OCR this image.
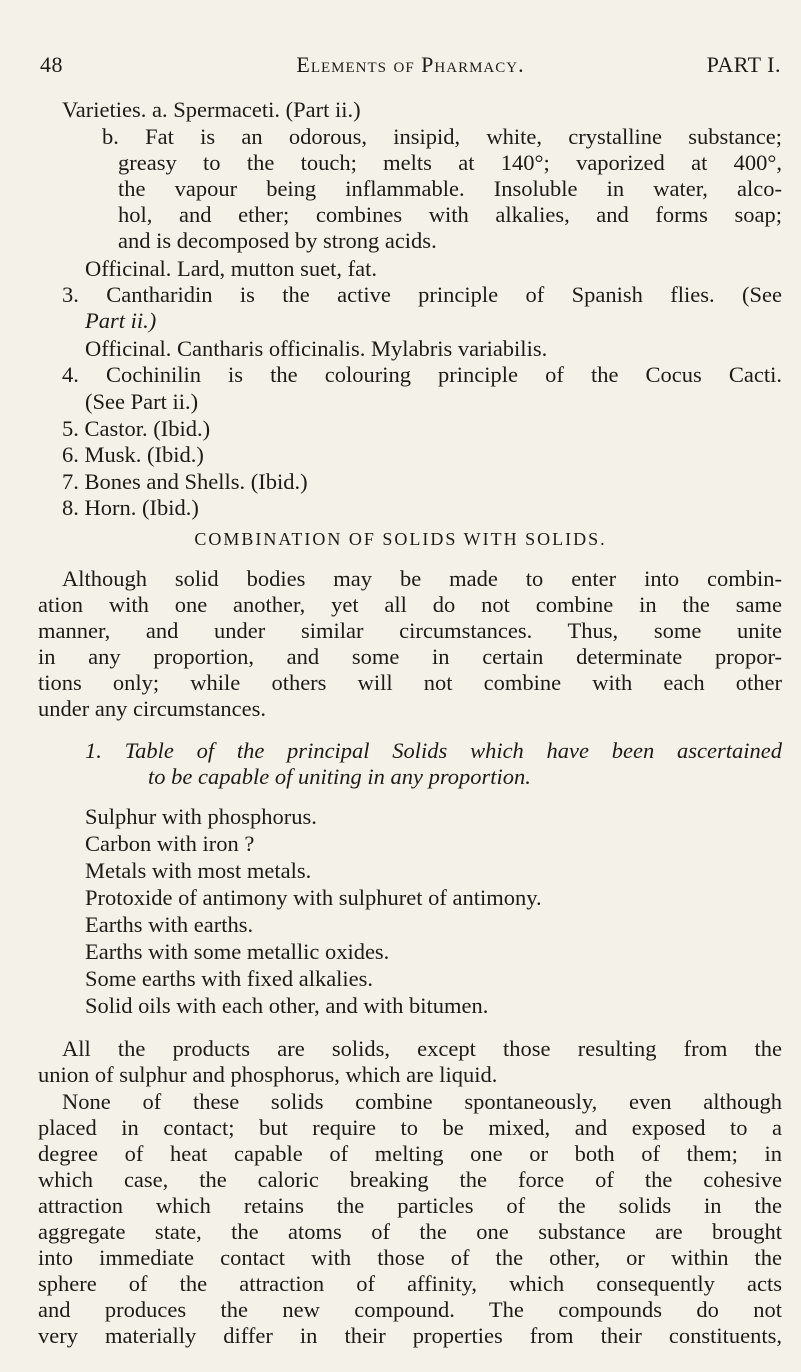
48	Elements of Pharmacy.	PART I.
Varieties. a. Spermaceti. (Part ii.)
b. Fat is an odorous, insipid, white, crystalline substance;
greasy to the touch; melts at 140°; vaporized at 400°,
the vapour being inflammable. Insoluble in water, alco-
hol, and ether; combines with alkalies, and forms soap;
and is decomposed by strong acids.
Officinal. Lard, mutton suet, fat.
3. Cantharidin is the active principle of Spanish flies. (See
Part ii.)
Officinal. Cantharis officinalis. Mylabris variabilis.
4. Cochinilin is the colouring principle of the Cocus Cacti.
(See Part ii.)
5. Castor. (Ibid.)
6. Musk. (Ibid.)
7. Bones and Shells. (Ibid.)
8. Horn. (Ibid.)
COMBINATION OF SOLIDS WITH SOLIDS.
Although solid bodies may be made to enter into combin-
ation with one another, yet all do not combine in the same
manner, and under similar circumstances. Thus, some unite
in any proportion, and some in certain determinate propor-
tions only; while others will not combine with each other
under any circumstances.
1. Table of the principal Solids which have been ascertained
to be capable of uniting in any proportion.
Sulphur with phosphorus.
Carbon with iron ?
Metals with most metals.
Protoxide of antimony with sulphuret of antimony.
Earths with earths.
Earths with some metallic oxides.
Some earths with fixed alkalies.
Solid oils with each other, and with bitumen.
All the products are solids, except those resulting from the
union of sulphur and phosphorus, which are liquid.
None of these solids combine spontaneously, even although
placed in contact; but require to be mixed, and exposed to a
degree of heat capable of melting one or both of them; in
which case, the caloric breaking the force of the cohesive
attraction which retains the particles of the solids in the
aggregate state, the atoms of the one substance are brought
into immediate contact with those of the other, or within the
sphere of the attraction of affinity, which consequently acts
and produces the new compound. The compounds do not
very materially differ in their properties from their constituents,
